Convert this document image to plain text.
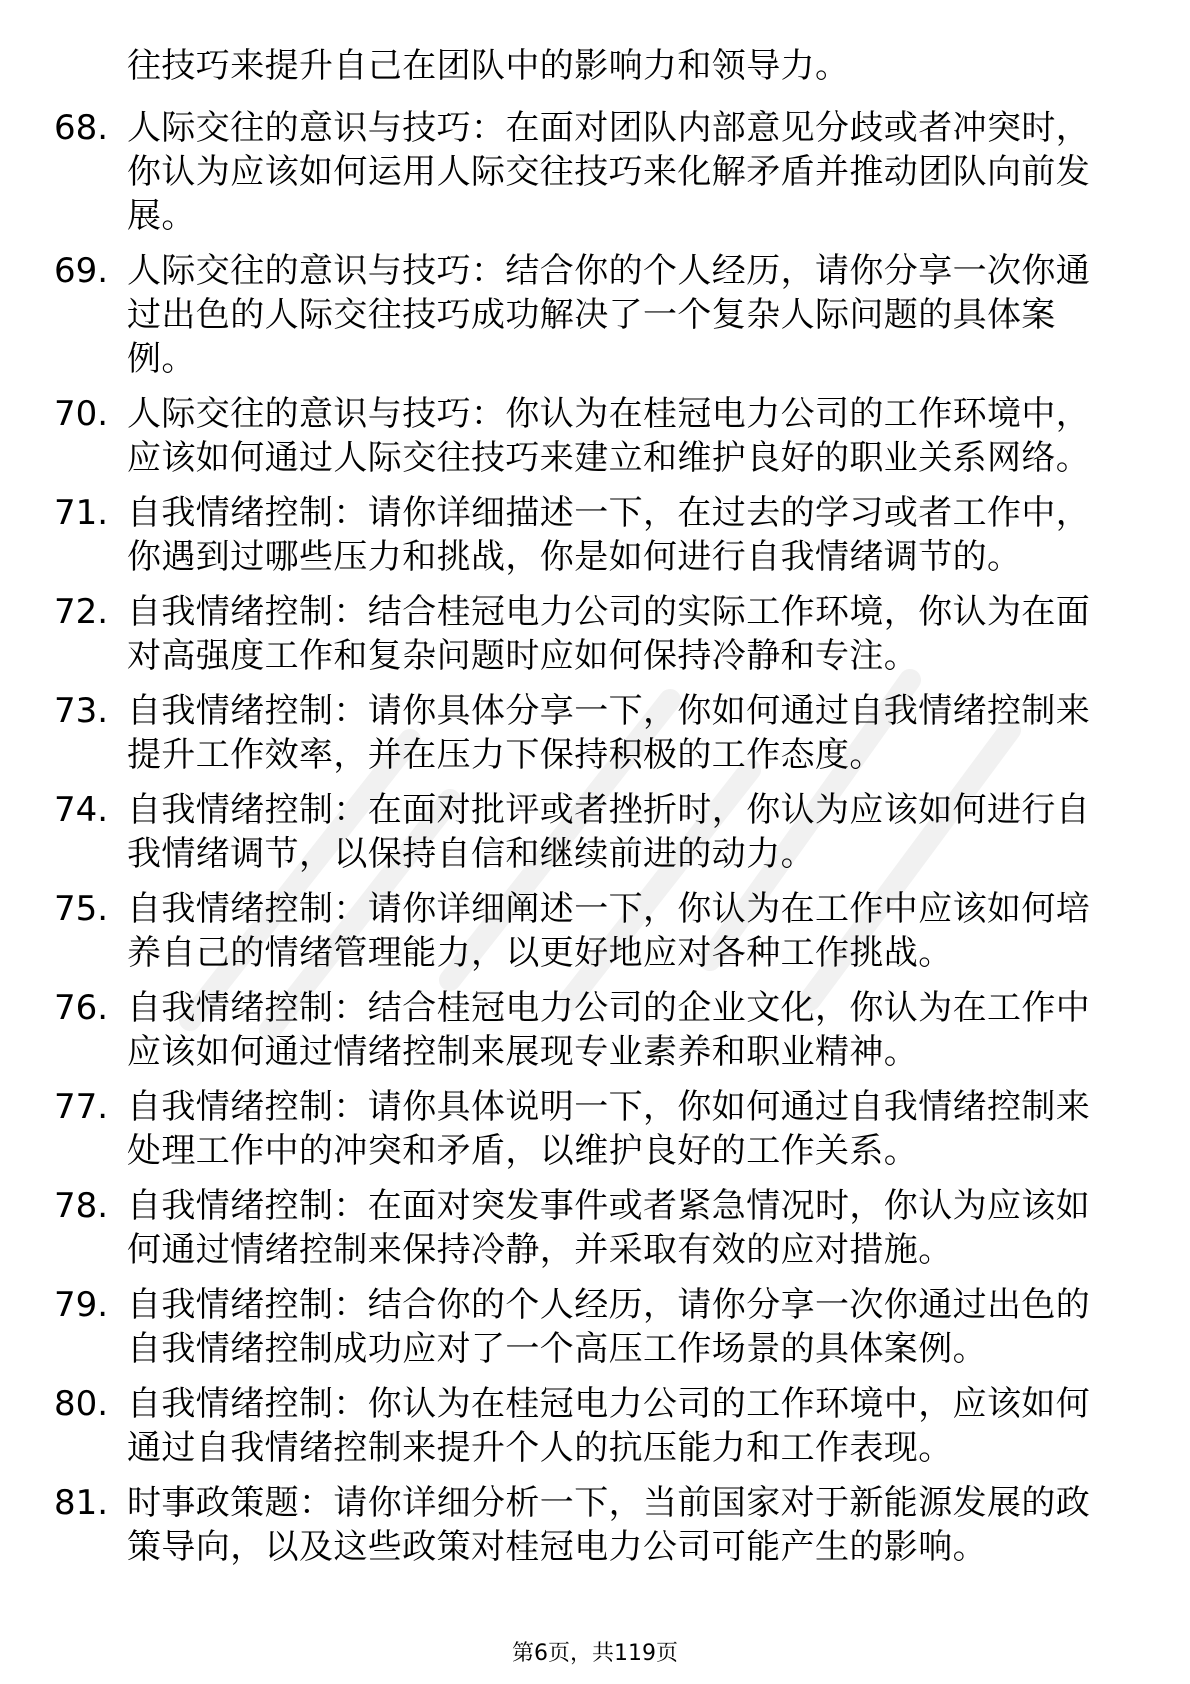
往技巧来提升自己在团队中的影响力和领导力。
68. 人际交往的意识与技巧：在面对团队内部意见分歧或者冲突时，
你认为应该如何运用人际交往技巧来化解矛盾并推动团队向前发
展。
69. 人际交往的意识与技巧：结合你的个人经历，请你分享一次你通
过出色的人际交往技巧成功解决了一个复杂人际问题的具体案
例。
70. 人际交往的意识与技巧：你认为在桂冠电力公司的工作环境中，
应该如何通过人际交往技巧来建立和维护良好的职业关系网络。
71. 自我情绪控制：请你详细描述一下，在过去的学习或者工作中，
你遇到过哪些压力和挑战，你是如何进行自我情绪调节的。
72. 自我情绪控制：结合桂冠电力公司的实际工作环境，你认为在面
对高强度工作和复杂问题时应如何保持冷静和专注。
73. 自我情绪控制：请你具体分享一下，你如何通过自我情绪控制来
提升工作效率，并在压力下保持积极的工作态度。
74. 自我情绪控制：在面对批评或者挫折时，你认为应该如何进行自
我情绪调节，以保持自信和继续前进的动力。
75. 自我情绪控制：请你详细阐述一下，你认为在工作中应该如何培
养自己的情绪管理能力，以更好地应对各种工作挑战。
76. 自我情绪控制：结合桂冠电力公司的企业文化，你认为在工作中
应该如何通过情绪控制来展现专业素养和职业精神。
77. 自我情绪控制：请你具体说明一下，你如何通过自我情绪控制来
处理工作中的冲突和矛盾，以维护良好的工作关系。
78. 自我情绪控制：在面对突发事件或者紧急情况时，你认为应该如
何通过情绪控制来保持冷静，并采取有效的应对措施。
79. 自我情绪控制：结合你的个人经历，请你分享一次你通过出色的
自我情绪控制成功应对了一个高压工作场景的具体案例。
80. 自我情绪控制：你认为在桂冠电力公司的工作环境中，应该如何
通过自我情绪控制来提升个人的抗压能力和工作表现。
81. 时事政策题：请你详细分析一下，当前国家对于新能源发展的政
策导向，以及这些政策对桂冠电力公司可能产生的影响。
第6页，共119页
